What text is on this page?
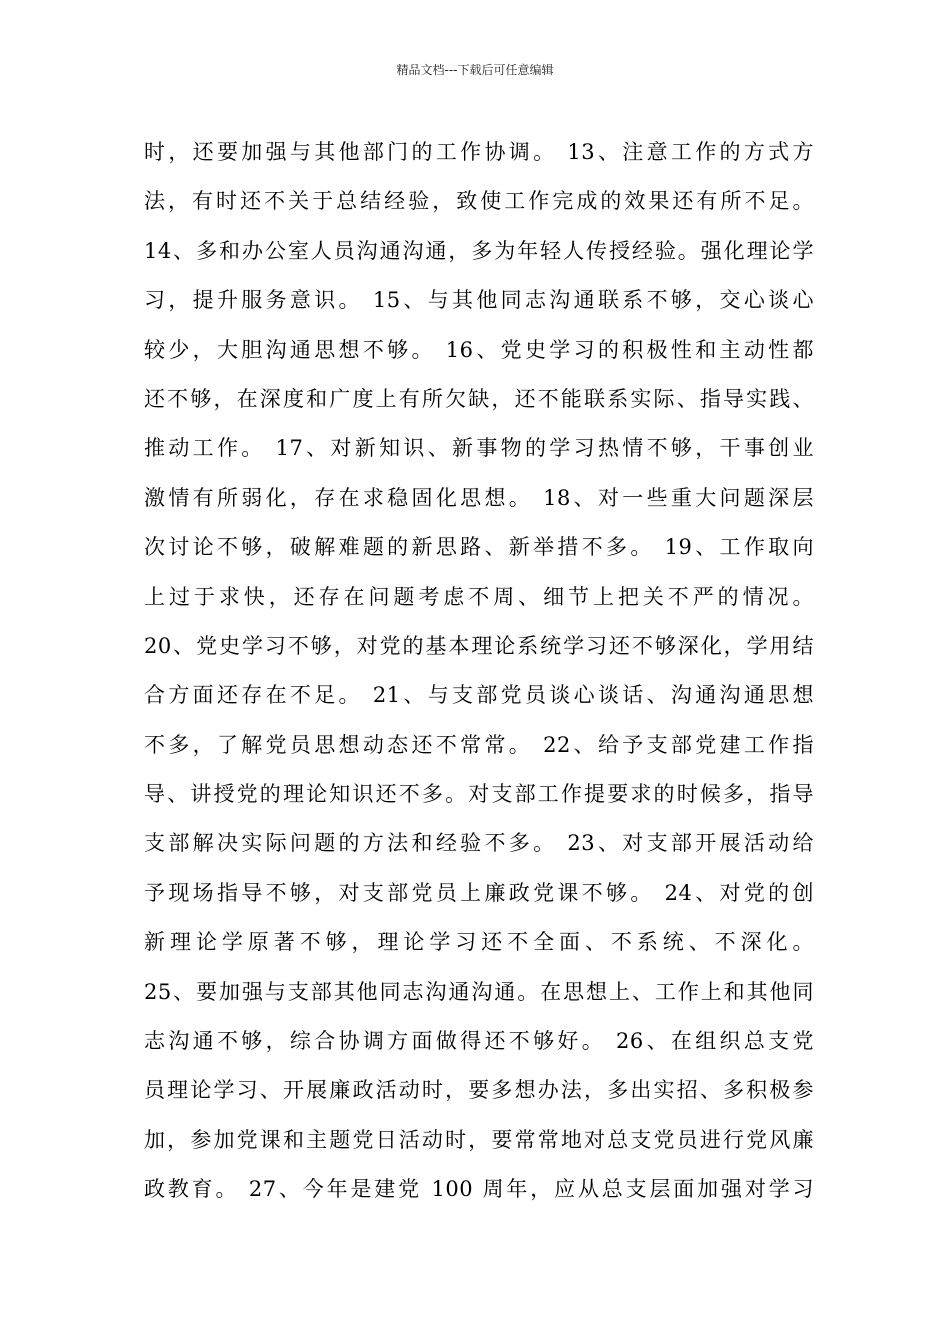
精品文档---下载后可任意编辑
时，还要加强与其他部门的工作协调。 13、注意工作的方式方
法，有时还不关于总结经验，致使工作完成的效果还有所不足。
14、多和办公室人员沟通沟通，多为年轻人传授经验。强化理论学
习，提升服务意识。 15、与其他同志沟通联系不够，交心谈心
较少，大胆沟通思想不够。 16、党史学习的积极性和主动性都
还不够，在深度和广度上有所欠缺，还不能联系实际、指导实践、
推动工作。 17、对新知识、新事物的学习热情不够，干事创业
激情有所弱化，存在求稳固化思想。 18、对一些重大问题深层
次讨论不够，破解难题的新思路、新举措不多。 19、工作取向
上过于求快，还存在问题考虑不周、细节上把关不严的情况。
20、党史学习不够，对党的基本理论系统学习还不够深化，学用结
合方面还存在不足。 21、与支部党员谈心谈话、沟通沟通思想
不多，了解党员思想动态还不常常。 22、给予支部党建工作指
导、讲授党的理论知识还不多。对支部工作提要求的时候多，指导
支部解决实际问题的方法和经验不多。 23、对支部开展活动给
予现场指导不够，对支部党员上廉政党课不够。 24、对党的创
新理论学原著不够，理论学习还不全面、不系统、不深化。
25、要加强与支部其他同志沟通沟通。在思想上、工作上和其他同
志沟通不够，综合协调方面做得还不够好。 26、在组织总支党
员理论学习、开展廉政活动时，要多想办法，多出实招、多积极参
加，参加党课和主题党日活动时，要常常地对总支党员进行党风廉
政教育。 27、今年是建党 100 周年，应从总支层面加强对学习
